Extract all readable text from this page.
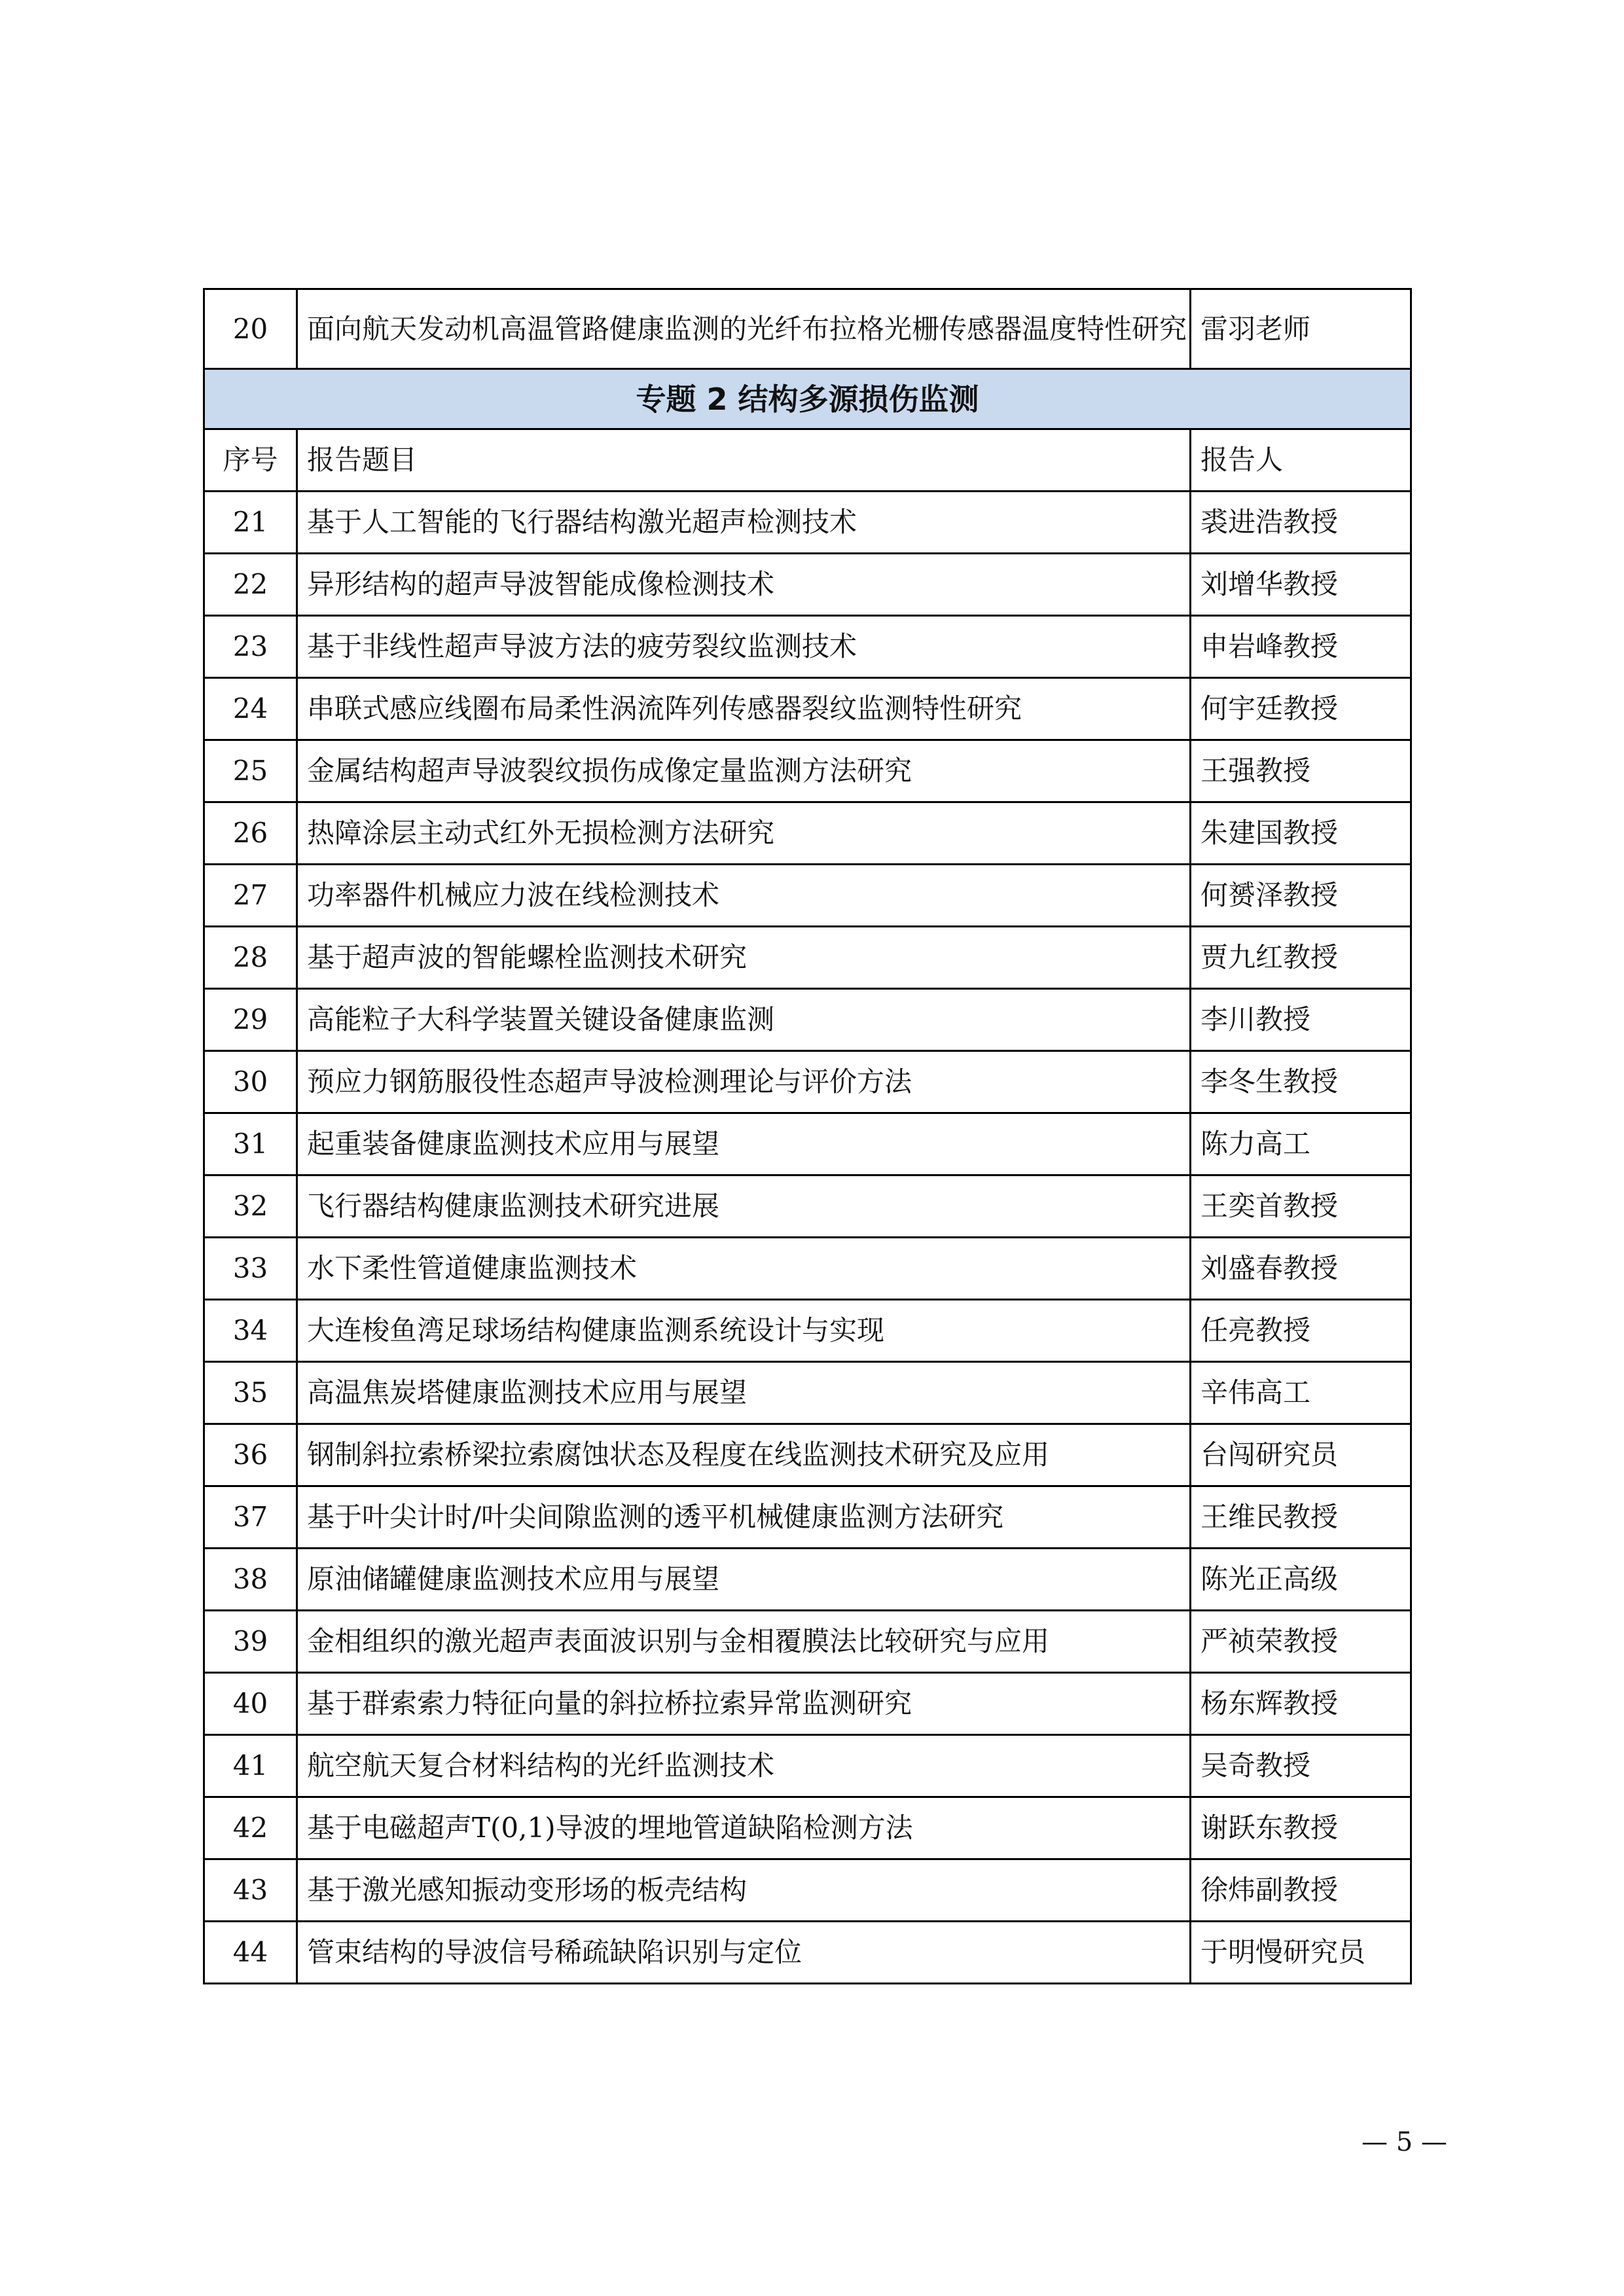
20	面向航天发动机高温管路健康监测的光纤布拉格光栅传感器温度特性研究	雷羽老师
专题 2 结构多源损伤监测		
序号	报告题目	报告人
21	基于人工智能的飞行器结构激光超声检测技术	裘进浩教授
22	异形结构的超声导波智能成像检测技术	刘增华教授
23	基于非线性超声导波方法的疲劳裂纹监测技术	申岩峰教授
24	串联式感应线圈布局柔性涡流阵列传感器裂纹监测特性研究	何宇廷教授
25	金属结构超声导波裂纹损伤成像定量监测方法研究	王强教授
26	热障涂层主动式红外无损检测方法研究	朱建国教授
27	功率器件机械应力波在线检测技术	何赟泽教授
28	基于超声波的智能螺栓监测技术研究	贾九红教授
29	高能粒子大科学装置关键设备健康监测	李川教授
30	预应力钢筋服役性态超声导波检测理论与评价方法	李冬生教授
31	起重装备健康监测技术应用与展望	陈力高工
32	飞行器结构健康监测技术研究进展	王奕首教授
33	水下柔性管道健康监测技术	刘盛春教授
34	大连梭鱼湾足球场结构健康监测系统设计与实现	任亮教授
35	高温焦炭塔健康监测技术应用与展望	辛伟高工
36	钢制斜拉索桥梁拉索腐蚀状态及程度在线监测技术研究及应用	台闯研究员
37	基于叶尖计时/叶尖间隙监测的透平机械健康监测方法研究	王维民教授
38	原油储罐健康监测技术应用与展望	陈光正高级
39	金相组织的激光超声表面波识别与金相覆膜法比较研究与应用	严祯荣教授
40	基于群索索力特征向量的斜拉桥拉索异常监测研究	杨东辉教授
41	航空航天复合材料结构的光纤监测技术	吴奇教授
42	基于电磁超声T(0,1)导波的埋地管道缺陷检测方法	谢跃东教授
43	基于激光感知振动变形场的板壳结构	徐炜副教授
44	管束结构的导波信号稀疏缺陷识别与定位	于明慢研究员
— 5 —
